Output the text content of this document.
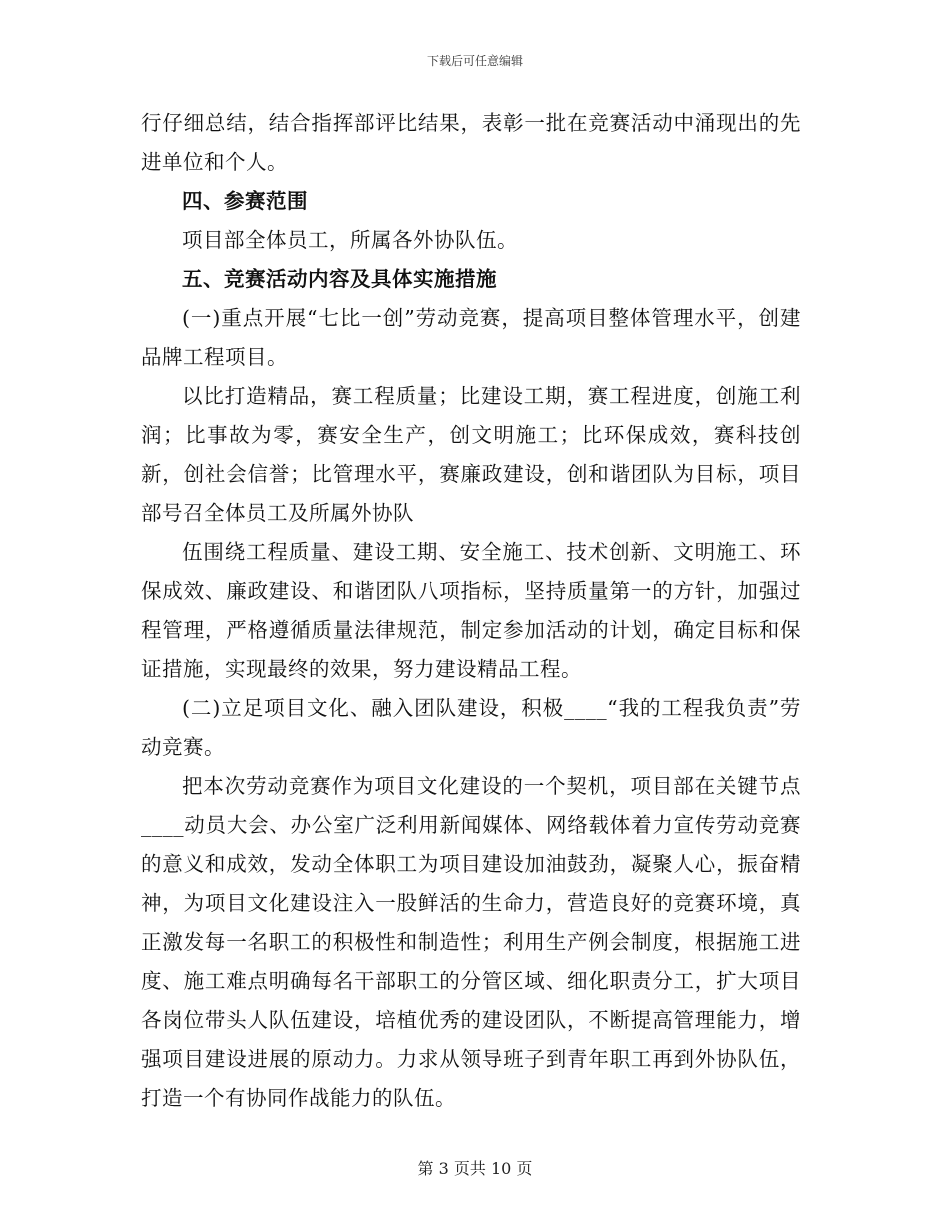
下载后可任意编辑

行仔细总结，结合指挥部评比结果，表彰一批在竞赛活动中涌现出的先进单位和个人。

四、参赛范围

项目部全体员工，所属各外协队伍。

五、竞赛活动内容及具体实施措施

(一)重点开展“七比一创”劳动竞赛，提高项目整体管理水平，创建品牌工程项目。

以比打造精品，赛工程质量；比建设工期，赛工程进度，创施工利润；比事故为零，赛安全生产，创文明施工；比环保成效，赛科技创新，创社会信誉；比管理水平，赛廉政建设，创和谐团队为目标，项目部号召全体员工及所属外协队

伍围绕工程质量、建设工期、安全施工、技术创新、文明施工、环保成效、廉政建设、和谐团队八项指标，坚持质量第一的方针，加强过程管理，严格遵循质量法律规范，制定参加活动的计划，确定目标和保证措施，实现最终的效果，努力建设精品工程。

(二)立足项目文化、融入团队建设，积极____“我的工程我负责”劳动竞赛。

把本次劳动竞赛作为项目文化建设的一个契机，项目部在关键节点____动员大会、办公室广泛利用新闻媒体、网络载体着力宣传劳动竞赛的意义和成效，发动全体职工为项目建设加油鼓劲，凝聚人心，振奋精神，为项目文化建设注入一股鲜活的生命力，营造良好的竞赛环境，真正激发每一名职工的积极性和制造性；利用生产例会制度，根据施工进度、施工难点明确每名干部职工的分管区域、细化职责分工，扩大项目各岗位带头人队伍建设，培植优秀的建设团队，不断提高管理能力，增强项目建设进展的原动力。力求从领导班子到青年职工再到外协队伍，打造一个有协同作战能力的队伍。

第 3 页共 10 页
